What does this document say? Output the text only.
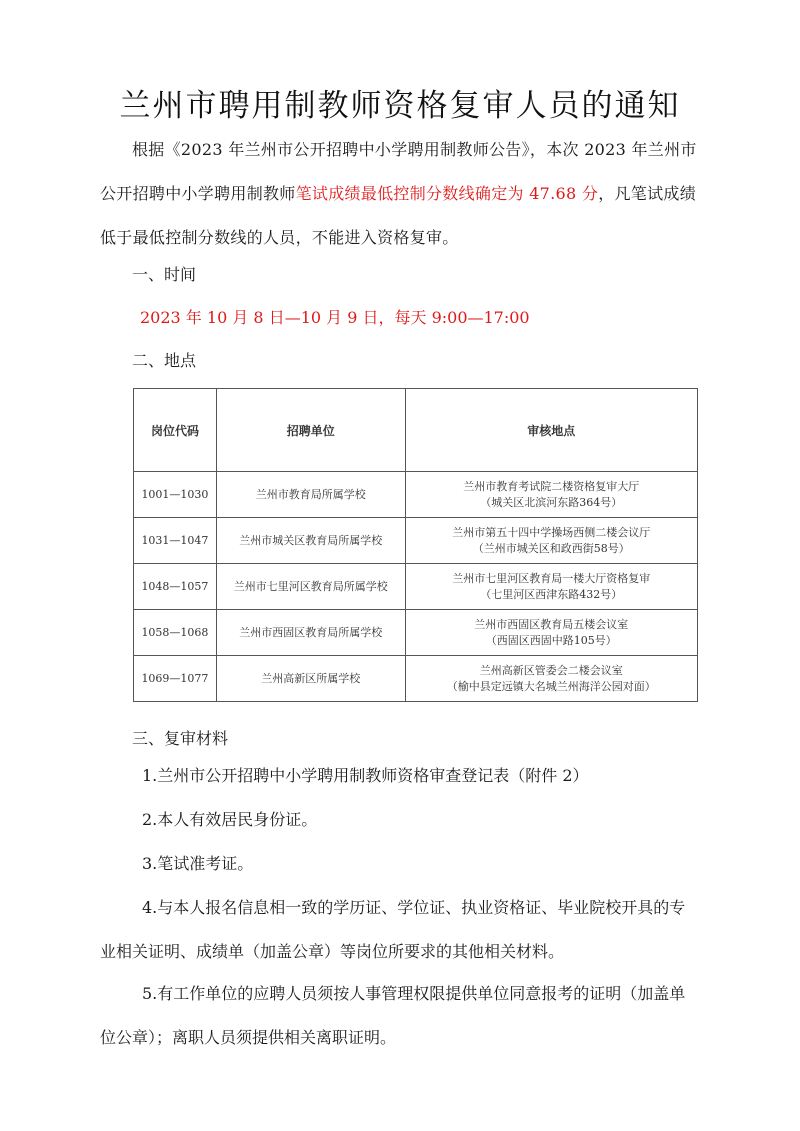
兰州市聘用制教师资格复审人员的通知

根据《2023 年兰州市公开招聘中小学聘用制教师公告》，本次 2023 年兰州市公开招聘中小学聘用制教师笔试成绩最低控制分数线确定为 47.68 分，凡笔试成绩低于最低控制分数线的人员，不能进入资格复审。

一、时间

2023 年 10 月 8 日—10 月 9 日，每天 9:00—17:00

二、地点

岗位代码	招聘单位	审核地点
1001—1030	兰州市教育局所属学校	兰州市教育考试院二楼资格复审大厅
（城关区北滨河东路364号）

1031—1047	兰州市城关区教育局所属学校	兰州市第五十四中学操场西侧二楼会议厅
（兰州市城关区和政西街58号）

1048—1057	兰州市七里河区教育局所属学校	兰州市七里河区教育局一楼大厅资格复审
（七里河区西津东路432号）

1058—1068	兰州市西固区教育局所属学校	兰州市西固区教育局五楼会议室
（西固区西固中路105号）

1069—1077	兰州高新区所属学校	兰州高新区管委会二楼会议室
（榆中县定远镇大名城兰州海洋公园对面）

三、复审材料

1.兰州市公开招聘中小学聘用制教师资格审查登记表（附件 2）

2.本人有效居民身份证。

3.笔试准考证。

4.与本人报名信息相一致的学历证、学位证、执业资格证、毕业院校开具的专业相关证明、成绩单（加盖公章）等岗位所要求的其他相关材料。

5.有工作单位的应聘人员须按人事管理权限提供单位同意报考的证明（加盖单位公章）；离职人员须提供相关离职证明。
